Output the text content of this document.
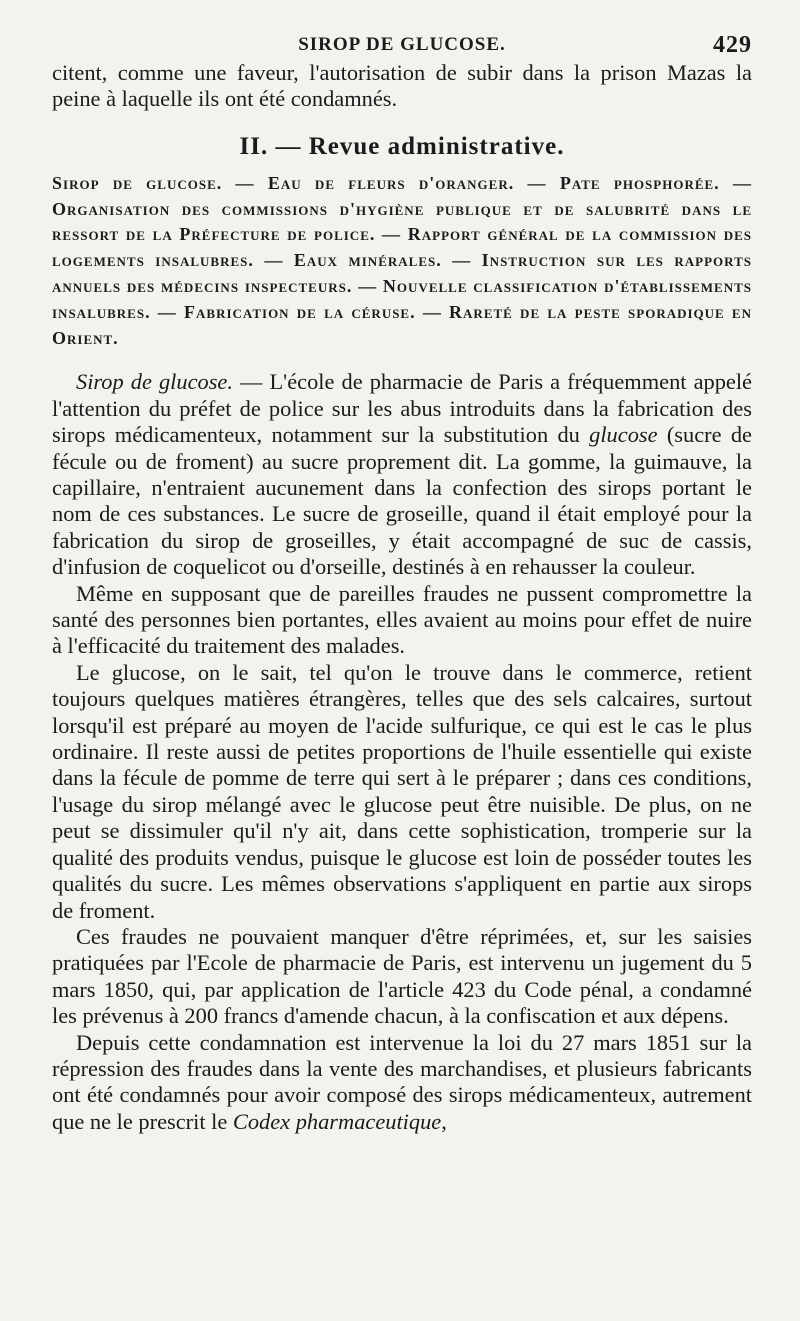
SIROP DE GLUCOSE.	429

citent, comme une faveur, l'autorisation de subir dans la prison Mazas la peine à laquelle ils ont été condamnés.

II. — Revue administrative.
Sirop de glucose. — Eau de fleurs d'oranger. — Pate phosphorée. — Organisation des commissions d'hygiène publique et de salubrité dans le ressort de la Préfecture de police. — Rapport général de la commission des logements insalubres. — Eaux minérales. — Instruction sur les rapports annuels des médecins inspecteurs. — Nouvelle classification d'établissements insalubres. — Fabrication de la céruse. — Rareté de la peste sporadique en Orient.

Sirop de glucose. — L'école de pharmacie de Paris a fréquemment appelé l'attention du préfet de police sur les abus introduits dans la fabrication des sirops médicamenteux, notamment sur la substitution du glucose (sucre de fécule ou de froment) au sucre proprement dit. La gomme, la guimauve, la capillaire, n'entraient aucunement dans la confection des sirops portant le nom de ces substances. Le sucre de groseille, quand il était employé pour la fabrication du sirop de groseilles, y était accompagné de suc de cassis, d'infusion de coquelicot ou d'orseille, destinés à en rehausser la couleur.

Même en supposant que de pareilles fraudes ne pussent compromettre la santé des personnes bien portantes, elles avaient au moins pour effet de nuire à l'efficacité du traitement des malades.

Le glucose, on le sait, tel qu'on le trouve dans le commerce, retient toujours quelques matières étrangères, telles que des sels calcaires, surtout lorsqu'il est préparé au moyen de l'acide sulfurique, ce qui est le cas le plus ordinaire. Il reste aussi de petites proportions de l'huile essentielle qui existe dans la fécule de pomme de terre qui sert à le préparer ; dans ces conditions, l'usage du sirop mélangé avec le glucose peut être nuisible. De plus, on ne peut se dissimuler qu'il n'y ait, dans cette sophistication, tromperie sur la qualité des produits vendus, puisque le glucose est loin de posséder toutes les qualités du sucre. Les mêmes observations s'appliquent en partie aux sirops de froment.

Ces fraudes ne pouvaient manquer d'être réprimées, et, sur les saisies pratiquées par l'Ecole de pharmacie de Paris, est intervenu un jugement du 5 mars 1850, qui, par application de l'article 423 du Code pénal, a condamné les prévenus à 200 francs d'amende chacun, à la confiscation et aux dépens.

Depuis cette condamnation est intervenue la loi du 27 mars 1851 sur la répression des fraudes dans la vente des marchandises, et plusieurs fabricants ont été condamnés pour avoir composé des sirops médicamenteux, autrement que ne le prescrit le Codex pharmaceutique,
